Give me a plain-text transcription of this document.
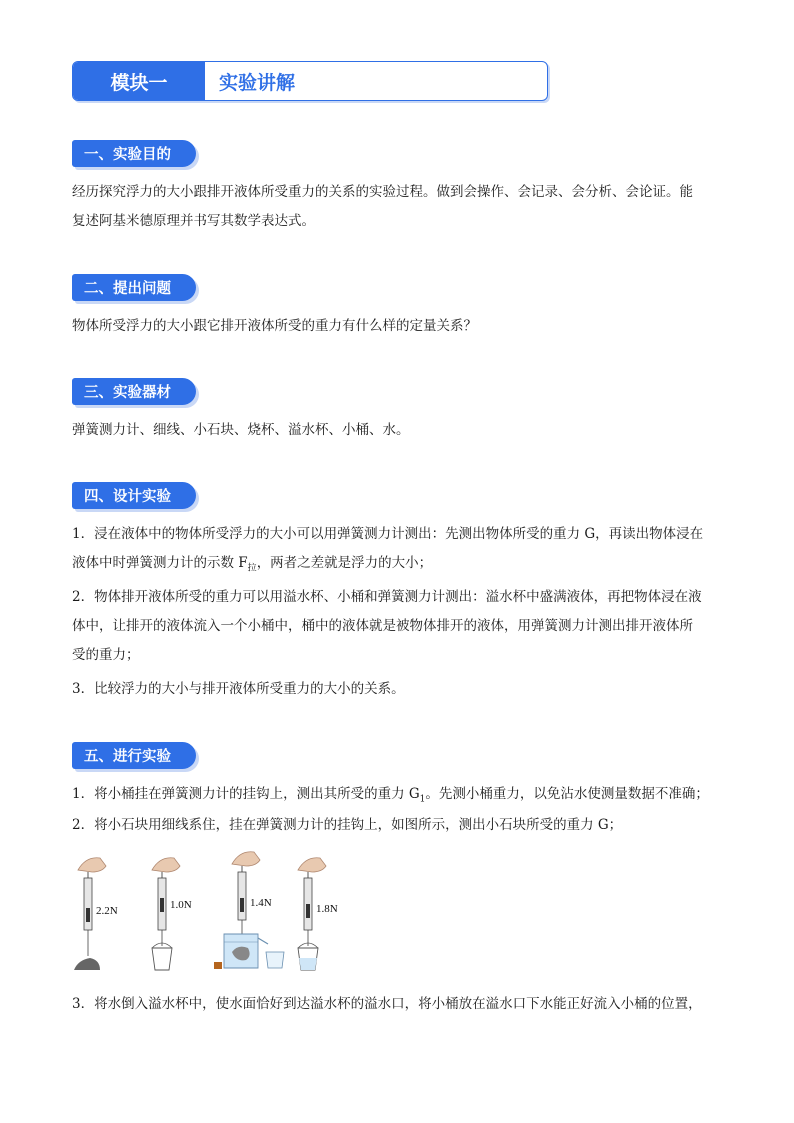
模块一	实验讲解
一、实验目的
经历探究浮力的大小跟排开液体所受重力的关系的实验过程。做到会操作、会记录、会分析、会论证。能
复述阿基米德原理并书写其数学表达式。
二、提出问题
物体所受浮力的大小跟它排开液体所受的重力有什么样的定量关系？
三、实验器材
弹簧测力计、细线、小石块、烧杯、溢水杯、小桶、水。
四、设计实验
1．浸在液体中的物体所受浮力的大小可以用弹簧测力计测出：先测出物体所受的重力 G，再读出物体浸在
液体中时弹簧测力计的示数 $F_拉$，两者之差就是浮力的大小；
2．物体排开液体所受的重力可以用溢水杯、小桶和弹簧测力计测出：溢水杯中盛满液体，再把物体浸在液
体中，让排开的液体流入一个小桶中，桶中的液体就是被物体排开的液体，用弹簧测力计测出排开液体所
受的重力；
3．比较浮力的大小与排开液体所受重力的大小的关系。
五、进行实验
1．将小桶挂在弹簧测力计的挂钩上，测出其所受的重力 $G_1$。先测小桶重力，以免沾水使测量数据不准确；
2．将小石块用细线系住，挂在弹簧测力计的挂钩上，如图所示，测出小石块所受的重力 G；
2.2N	1.0N	1.4N	1.8N
3．将水倒入溢水杯中，使水面恰好到达溢水杯的溢水口，将小桶放在溢水口下水能正好流入小桶的位置，
